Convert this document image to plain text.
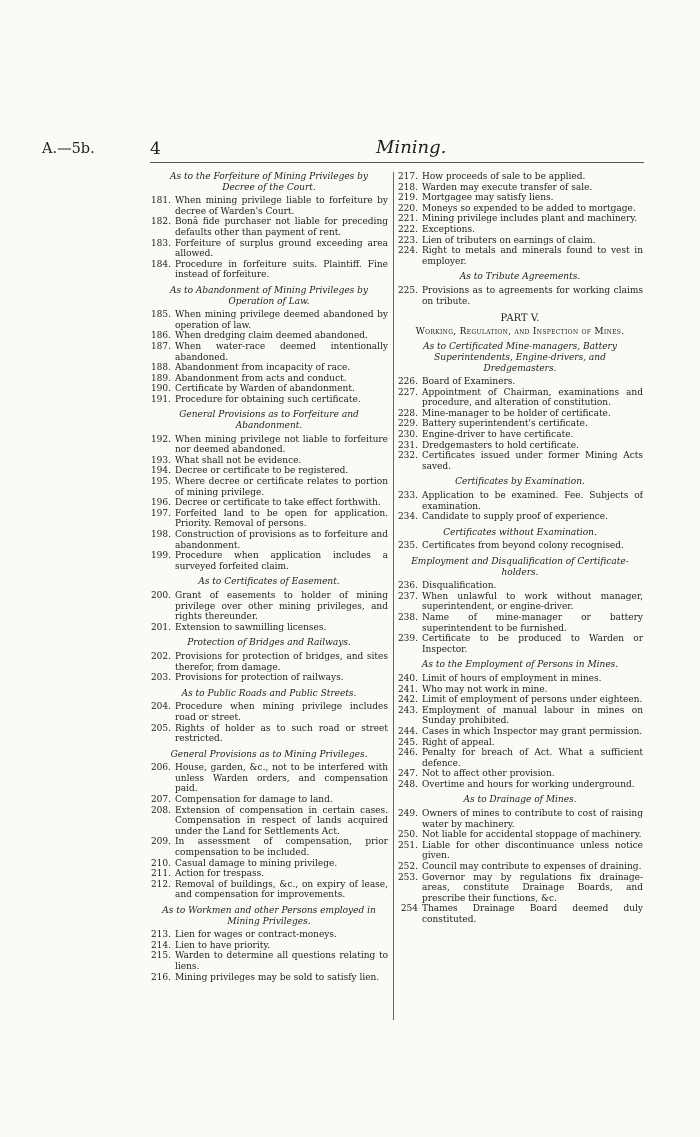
A.—5b.	4	Mining.
As to the Forfeiture of Mining Privileges by Decree of the Court.
181. When mining privilege liable to forfeiture by decree of Warden's Court.
182. Bonâ fide purchaser not liable for preceding defaults other than payment of rent.
183. Forfeiture of surplus ground exceeding area allowed.
184. Procedure in forfeiture suits. Plaintiff. Fine instead of forfeiture.
As to Abandonment of Mining Privileges by Operation of Law.
185. When mining privilege deemed abandoned by operation of law.
186. When dredging claim deemed abandoned.
187. When water-race deemed intentionally abandoned.
188. Abandonment from incapacity of race.
189. Abandonment from acts and conduct.
190. Certificate by Warden of abandonment.
191. Procedure for obtaining such certificate.
General Provisions as to Forfeiture and Abandonment.
192. When mining privilege not liable to forfeiture nor deemed abandoned.
193. What shall not be evidence.
194. Decree or certificate to be registered.
195. Where decree or certificate relates to portion of mining privilege.
196. Decree or certificate to take effect forthwith.
197. Forfeited land to be open for application. Priority. Removal of persons.
198. Construction of provisions as to forfeiture and abandonment.
199. Procedure when application includes a surveyed forfeited claim.
As to Certificates of Easement.
200. Grant of easements to holder of mining privilege over other mining privileges, and rights thereunder.
201. Extension to sawmilling licenses.
Protection of Bridges and Railways.
202. Provisions for protection of bridges, and sites therefor, from damage.
203. Provisions for protection of railways.
As to Public Roads and Public Streets.
204. Procedure when mining privilege includes road or street.
205. Rights of holder as to such road or street restricted.
General Provisions as to Mining Privileges.
206. House, garden, &c., not to be interfered with unless Warden orders, and compensation paid.
207. Compensation for damage to land.
208. Extension of compensation in certain cases. Compensation in respect of lands acquired under the Land for Settlements Act.
209. In assessment of compensation, prior compensation to be included.
210. Casual damage to mining privilege.
211. Action for trespass.
212. Removal of buildings, &c., on expiry of lease, and compensation for improvements.
As to Workmen and other Persons employed in Mining Privileges.
213. Lien for wages or contract-moneys.
214. Lien to have priority.
215. Warden to determine all questions relating to liens.
216. Mining privileges may be sold to satisfy lien.
217. How proceeds of sale to be applied.
218. Warden may execute transfer of sale.
219. Mortgagee may satisfy liens.
220. Moneys so expended to be added to mortgage.
221. Mining privilege includes plant and machinery.
222. Exceptions.
223. Lien of tributers on earnings of claim.
224. Right to metals and minerals found to vest in employer.
As to Tribute Agreements.
225. Provisions as to agreements for working claims on tribute.
PART V.
Working, Regulation, and Inspection of Mines.
As to Certificated Mine-managers, Battery Superintendents, Engine-drivers, and Dredgemasters.
226. Board of Examiners.
227. Appointment of Chairman, examinations and procedure, and alteration of constitution.
228. Mine-manager to be holder of certificate.
229. Battery superintendent's certificate.
230. Engine-driver to have certificate.
231. Dredgemasters to hold certificate.
232. Certificates issued under former Mining Acts saved.
Certificates by Examination.
233. Application to be examined. Fee. Subjects of examination.
234. Candidate to supply proof of experience.
Certificates without Examination.
235. Certificates from beyond colony recognised.
Employment and Disqualification of Certificate-holders.
236. Disqualification.
237. When unlawful to work without manager, superintendent, or engine-driver.
238. Name of mine-manager or battery superintendent to be furnished.
239. Certificate to be produced to Warden or Inspector.
As to the Employment of Persons in Mines.
240. Limit of hours of employment in mines.
241. Who may not work in mine.
242. Limit of employment of persons under eighteen.
243. Employment of manual labour in mines on Sunday prohibited.
244. Cases in which Inspector may grant permission.
245. Right of appeal.
246. Penalty for breach of Act. What a sufficient defence.
247. Not to affect other provision.
248. Overtime and hours for working underground.
As to Drainage of Mines.
249. Owners of mines to contribute to cost of raising water by machinery.
250. Not liable for accidental stoppage of machinery.
251. Liable for other discontinuance unless notice given.
252. Council may contribute to expenses of draining.
253. Governor may by regulations fix drainage-areas, constitute Drainage Boards, and prescribe their functions, &c.
254 Thames Drainage Board deemed duly constituted.
